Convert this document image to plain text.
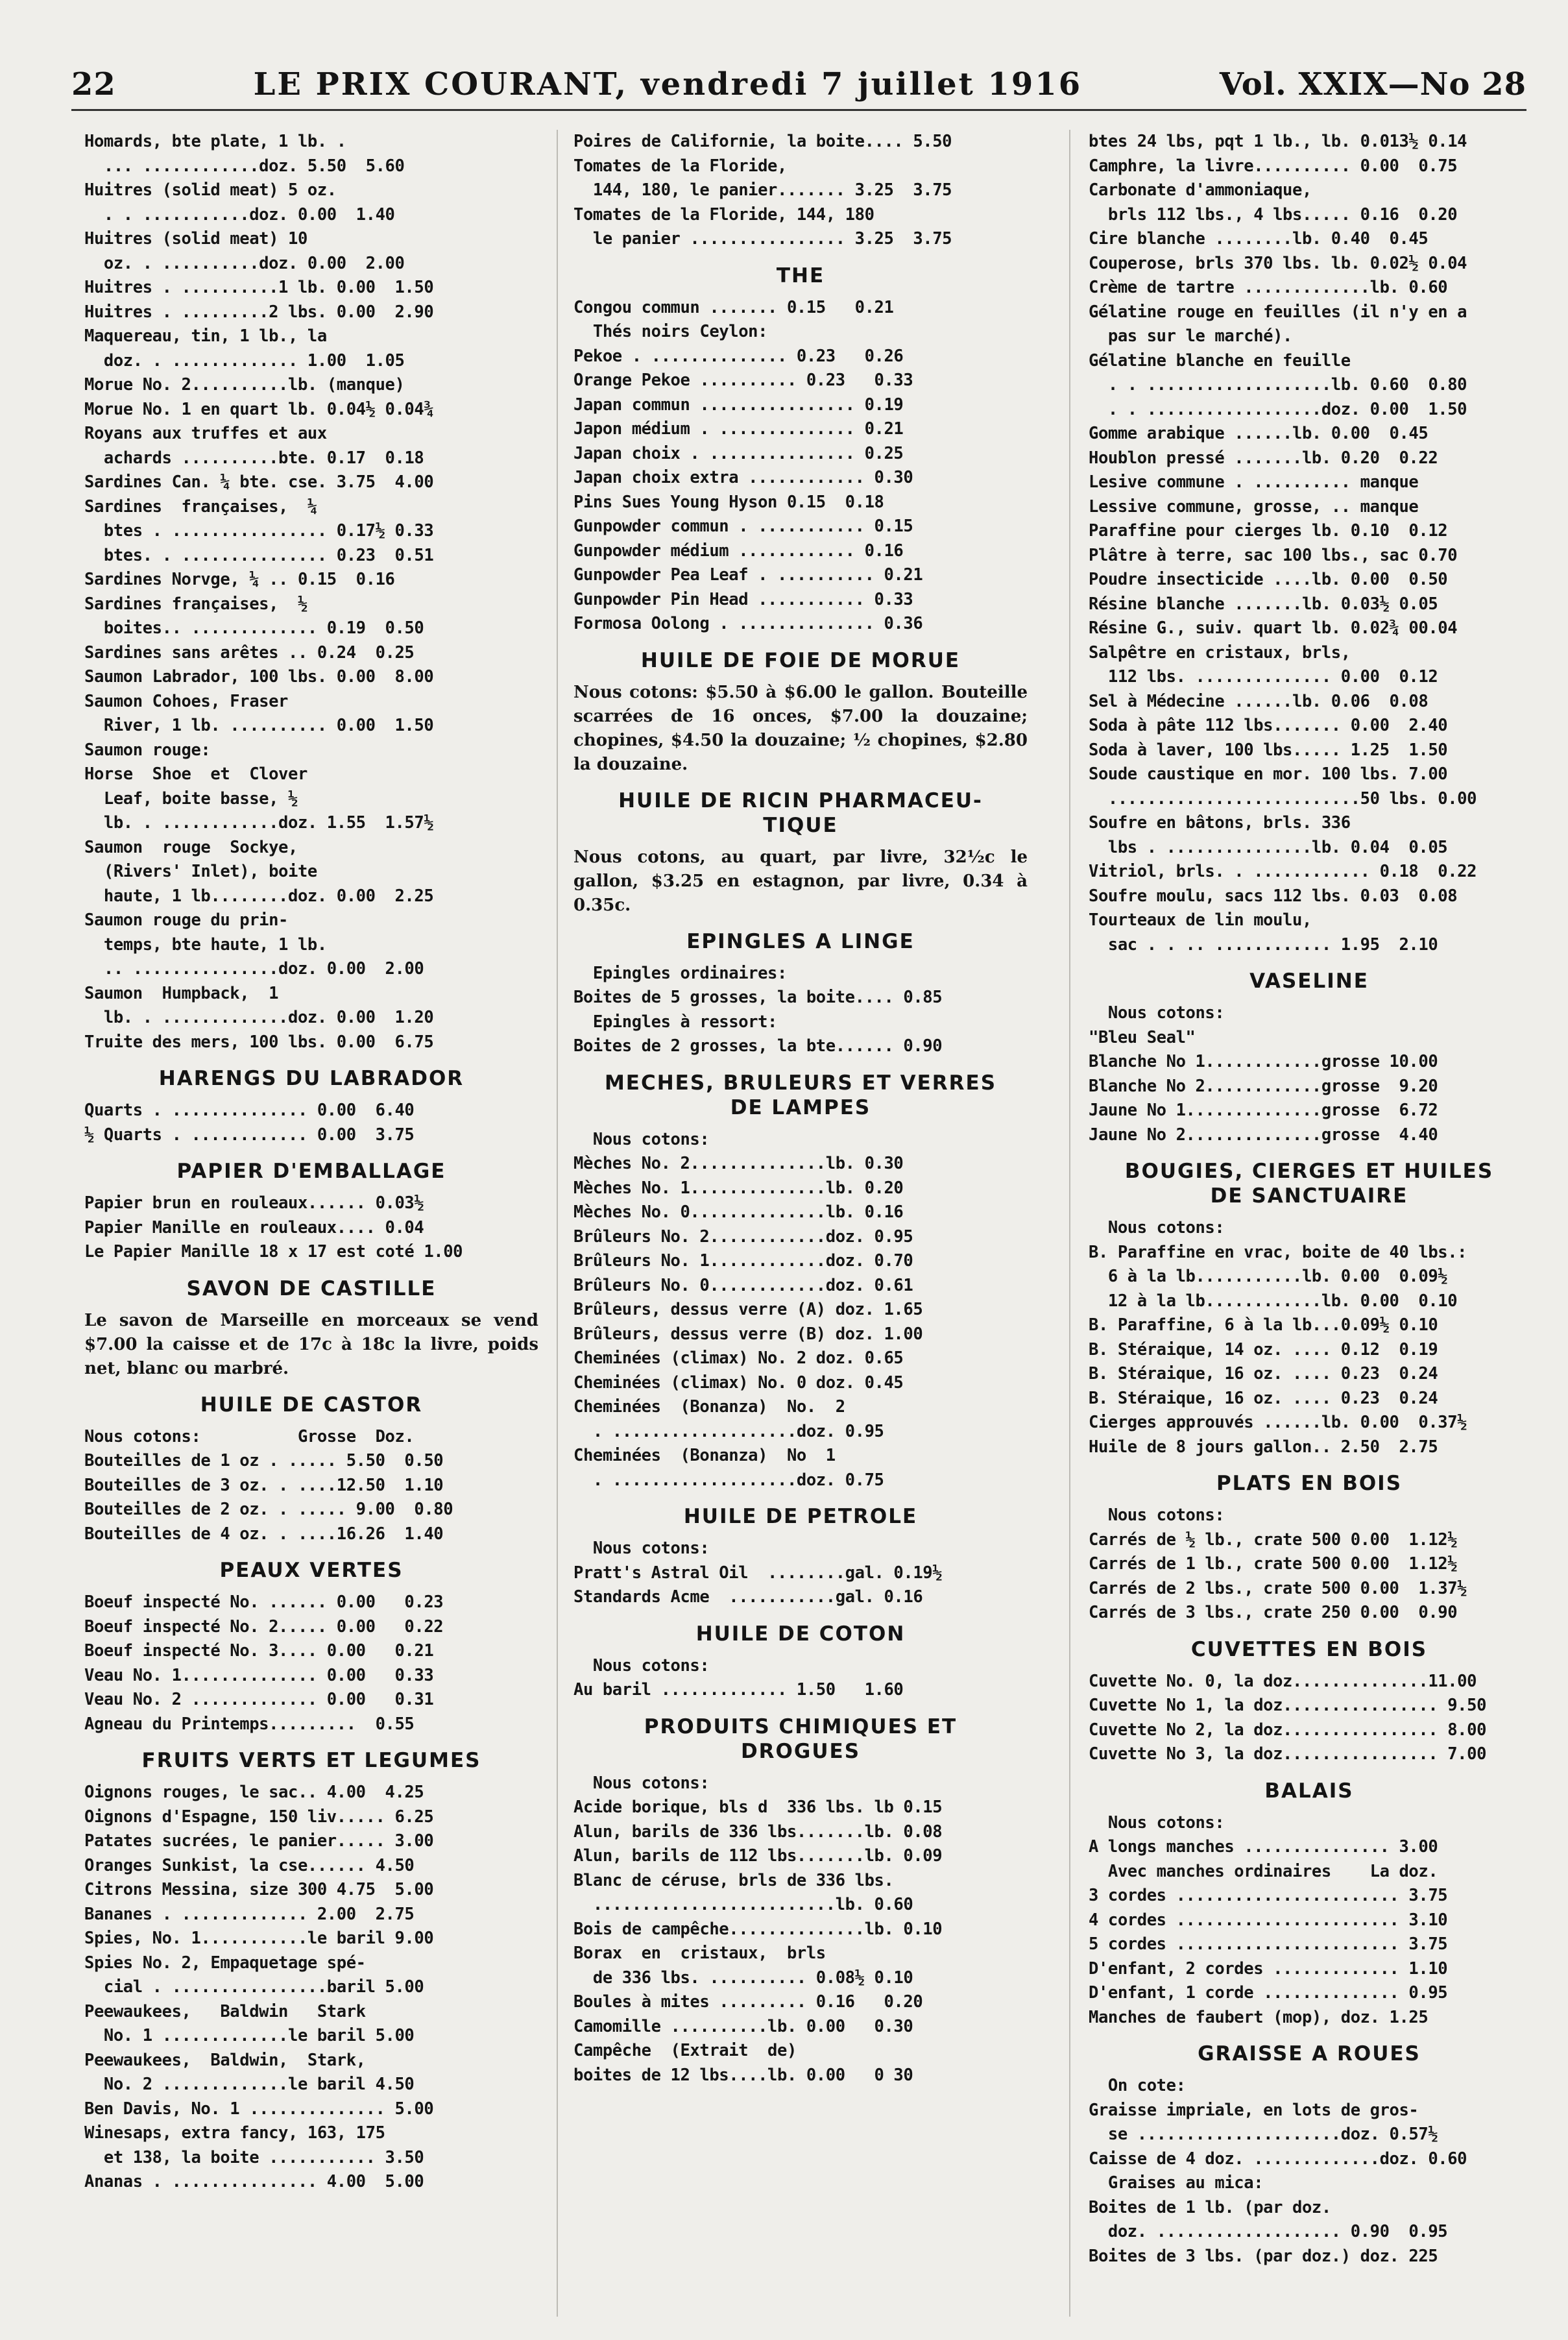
22	LE PRIX COURANT, vendredi 7 juillet 1916	Vol. XXIX—No 28
Homards, bte plate, 1 lb. .
... ............doz. 5.50  5.60
Huitres (solid meat) 5 oz.
. . ...........doz. 0.00  1.40
Huitres (solid meat) 10
oz. . ..........doz. 0.00  2.00
Huitres . ..........1 lb. 0.00  1.50
Huitres . .........2 lbs. 0.00  2.90
Maquereau, tin, 1 lb., la
doz. . ............. 1.00  1.05
Morue No. 2..........lb. (manque)
Morue No. 1 en quart lb. 0.04½ 0.04¾
Royans aux truffes et aux
achards ..........bte. 0.17  0.18
Sardines Can. ¼ bte. cse. 3.75  4.00
Sardines  françaises,  ¼
btes . ................ 0.17½ 0.33
btes. . ............... 0.23  0.51
Sardines Norvge, ¼ .. 0.15  0.16
Sardines françaises,  ½
boites.. ............. 0.19  0.50
Sardines sans arêtes .. 0.24  0.25
Saumon Labrador, 100 lbs. 0.00  8.00
Saumon Cohoes, Fraser
River, 1 lb. .......... 0.00  1.50
Saumon rouge:
Horse  Shoe  et  Clover
Leaf, boite basse, ½
lb. . ............doz. 1.55  1.57½
Saumon  rouge  Sockye,
(Rivers' Inlet), boite
haute, 1 lb........doz. 0.00  2.25
Saumon rouge du prin-
temps, bte haute, 1 lb.
.. ...............doz. 0.00  2.00
Saumon  Humpback,  1
lb. . .............doz. 0.00  1.20
Truite des mers, 100 lbs. 0.00  6.75
HARENGS DU LABRADOR
Quarts . .............. 0.00  6.40
½ Quarts . ............ 0.00  3.75
PAPIER D'EMBALLAGE
Papier brun en rouleaux...... 0.03½
Papier Manille en rouleaux.... 0.04
Le Papier Manille 18 x 17 est coté 1.00
SAVON DE CASTILLE
Le savon de Marseille en morceaux se vend $7.00 la caisse et de 17c à 18c la livre, poids net, blanc ou marbré.
HUILE DE CASTOR
Nous cotons:          Grosse  Doz.
Bouteilles de 1 oz . ..... 5.50  0.50
Bouteilles de 3 oz. . ....12.50  1.10
Bouteilles de 2 oz. . ..... 9.00  0.80
Bouteilles de 4 oz. . ....16.26  1.40
PEAUX VERTES
Boeuf inspecté No. ...... 0.00   0.23
Boeuf inspecté No. 2..... 0.00   0.22
Boeuf inspecté No. 3.... 0.00   0.21
Veau No. 1.............. 0.00   0.33
Veau No. 2 ............. 0.00   0.31
Agneau du Printemps.........  0.55
FRUITS VERTS ET LEGUMES
Oignons rouges, le sac.. 4.00  4.25
Oignons d'Espagne, 150 liv..... 6.25
Patates sucrées, le panier..... 3.00
Oranges Sunkist, la cse...... 4.50
Citrons Messina, size 300 4.75  5.00
Bananes . ............. 2.00  2.75
Spies, No. 1...........le baril 9.00
Spies No. 2, Empaquetage spé-
cial . ................baril 5.00
Peewaukees,   Baldwin   Stark
No. 1 .............le baril 5.00
Peewaukees,  Baldwin,  Stark,
No. 2 .............le baril 4.50
Ben Davis, No. 1 .............. 5.00
Winesaps, extra fancy, 163, 175
et 138, la boite ........... 3.50
Ananas . ............... 4.00  5.00
Poires de Californie, la boite.... 5.50
Tomates de la Floride,
144, 180, le panier....... 3.25  3.75
Tomates de la Floride, 144, 180
le panier ................ 3.25  3.75
THE
Congou commun ....... 0.15   0.21
Thés noirs Ceylon:
Pekoe . .............. 0.23   0.26
Orange Pekoe .......... 0.23   0.33
Japan commun ................ 0.19
Japon médium . .............. 0.21
Japan choix . ............... 0.25
Japan choix extra ............ 0.30
Pins Sues Young Hyson 0.15  0.18
Gunpowder commun . ........... 0.15
Gunpowder médium ............ 0.16
Gunpowder Pea Leaf . .......... 0.21
Gunpowder Pin Head ........... 0.33
Formosa Oolong . .............. 0.36
HUILE DE FOIE DE MORUE
Nous cotons: $5.50 à $6.00 le gallon. Bouteille scarrées de 16 onces, $7.00 la douzaine; chopines, $4.50 la douzaine; ½ chopines, $2.80 la douzaine.
HUILE DE RICIN PHARMACEU-
TIQUE
Nous cotons, au quart, par livre, 32½c le gallon, $3.25 en estagnon, par livre, 0.34 à 0.35c.
EPINGLES A LINGE
Epingles ordinaires:
Boites de 5 grosses, la boite.... 0.85
Epingles à ressort:
Boites de 2 grosses, la bte...... 0.90
MECHES, BRULEURS ET VERRES
DE LAMPES
Nous cotons:
Mèches No. 2..............lb. 0.30
Mèches No. 1..............lb. 0.20
Mèches No. 0..............lb. 0.16
Brûleurs No. 2............doz. 0.95
Brûleurs No. 1............doz. 0.70
Brûleurs No. 0............doz. 0.61
Brûleurs, dessus verre (A) doz. 1.65
Brûleurs, dessus verre (B) doz. 1.00
Cheminées (climax) No. 2 doz. 0.65
Cheminées (climax) No. 0 doz. 0.45
Cheminées  (Bonanza)  No.  2
. ...................doz. 0.95
Cheminées  (Bonanza)  No  1
. ...................doz. 0.75
HUILE DE PETROLE
Nous cotons:
Pratt's Astral Oil  ........gal. 0.19½
Standards Acme  ...........gal. 0.16
HUILE DE COTON
Nous cotons:
Au baril ............. 1.50   1.60
PRODUITS CHIMIQUES ET
DROGUES
Nous cotons:
Acide borique, bls d  336 lbs. lb 0.15
Alun, barils de 336 lbs.......lb. 0.08
Alun, barils de 112 lbs.......lb. 0.09
Blanc de céruse, brls de 336 lbs.
.........................lb. 0.60
Bois de campêche..............lb. 0.10
Borax  en  cristaux,  brls
de 336 lbs. .......... 0.08½ 0.10
Boules à mites ......... 0.16   0.20
Camomille ..........lb. 0.00   0.30
Campêche  (Extrait  de)
boites de 12 lbs....lb. 0.00   0 30
btes 24 lbs, pqt 1 lb., lb. 0.013½ 0.14
Camphre, la livre.......... 0.00  0.75
Carbonate d'ammoniaque,
brls 112 lbs., 4 lbs..... 0.16  0.20
Cire blanche ........lb. 0.40  0.45
Couperose, brls 370 lbs. lb. 0.02½ 0.04
Crème de tartre .............lb. 0.60
Gélatine rouge en feuilles (il n'y en a
pas sur le marché).
Gélatine blanche en feuille
. . ...................lb. 0.60  0.80
. . ..................doz. 0.00  1.50
Gomme arabique ......lb. 0.00  0.45
Houblon pressé .......lb. 0.20  0.22
Lesive commune . .......... manque
Lessive commune, grosse, .. manque
Paraffine pour cierges lb. 0.10  0.12
Plâtre à terre, sac 100 lbs., sac 0.70
Poudre insecticide ....lb. 0.00  0.50
Résine blanche .......lb. 0.03½ 0.05
Résine G., suiv. quart lb. 0.02¾ 00.04
Salpêtre en cristaux, brls,
112 lbs. .............. 0.00  0.12
Sel à Médecine ......lb. 0.06  0.08
Soda à pâte 112 lbs....... 0.00  2.40
Soda à laver, 100 lbs..... 1.25  1.50
Soude caustique en mor. 100 lbs. 7.00
..........................50 lbs. 0.00
Soufre en bâtons, brls. 336
lbs . ...............lb. 0.04  0.05
Vitriol, brls. . ............ 0.18  0.22
Soufre moulu, sacs 112 lbs. 0.03  0.08
Tourteaux de lin moulu,
sac . . .. ............ 1.95  2.10
VASELINE
Nous cotons:
"Bleu Seal"
Blanche No 1............grosse 10.00
Blanche No 2............grosse  9.20
Jaune No 1..............grosse  6.72
Jaune No 2..............grosse  4.40
BOUGIES, CIERGES ET HUILES
DE SANCTUAIRE
Nous cotons:
B. Paraffine en vrac, boite de 40 lbs.:
6 à la lb...........lb. 0.00  0.09½
12 à la lb............lb. 0.00  0.10
B. Paraffine, 6 à la lb...0.09½ 0.10
B. Stéraique, 14 oz. .... 0.12  0.19
B. Stéraique, 16 oz. .... 0.23  0.24
B. Stéraique, 16 oz. .... 0.23  0.24
Cierges approuvés ......lb. 0.00  0.37½
Huile de 8 jours gallon.. 2.50  2.75
PLATS EN BOIS
Nous cotons:
Carrés de ½ lb., crate 500 0.00  1.12½
Carrés de 1 lb., crate 500 0.00  1.12½
Carrés de 2 lbs., crate 500 0.00  1.37½
Carrés de 3 lbs., crate 250 0.00  0.90
CUVETTES EN BOIS
Cuvette No. 0, la doz..............11.00
Cuvette No 1, la doz................ 9.50
Cuvette No 2, la doz................ 8.00
Cuvette No 3, la doz................ 7.00
BALAIS
Nous cotons:
A longs manches ............... 3.00
Avec manches ordinaires    La doz.
3 cordes ....................... 3.75
4 cordes ....................... 3.10
5 cordes ....................... 3.75
D'enfant, 2 cordes ............. 1.10
D'enfant, 1 corde .............. 0.95
Manches de faubert (mop), doz. 1.25
GRAISSE A ROUES
On cote:
Graisse impriale, en lots de gros-
se .....................doz. 0.57½
Caisse de 4 doz. .............doz. 0.60
Graises au mica:
Boites de 1 lb. (par doz.
doz. ................... 0.90  0.95
Boites de 3 lbs. (par doz.) doz. 225
